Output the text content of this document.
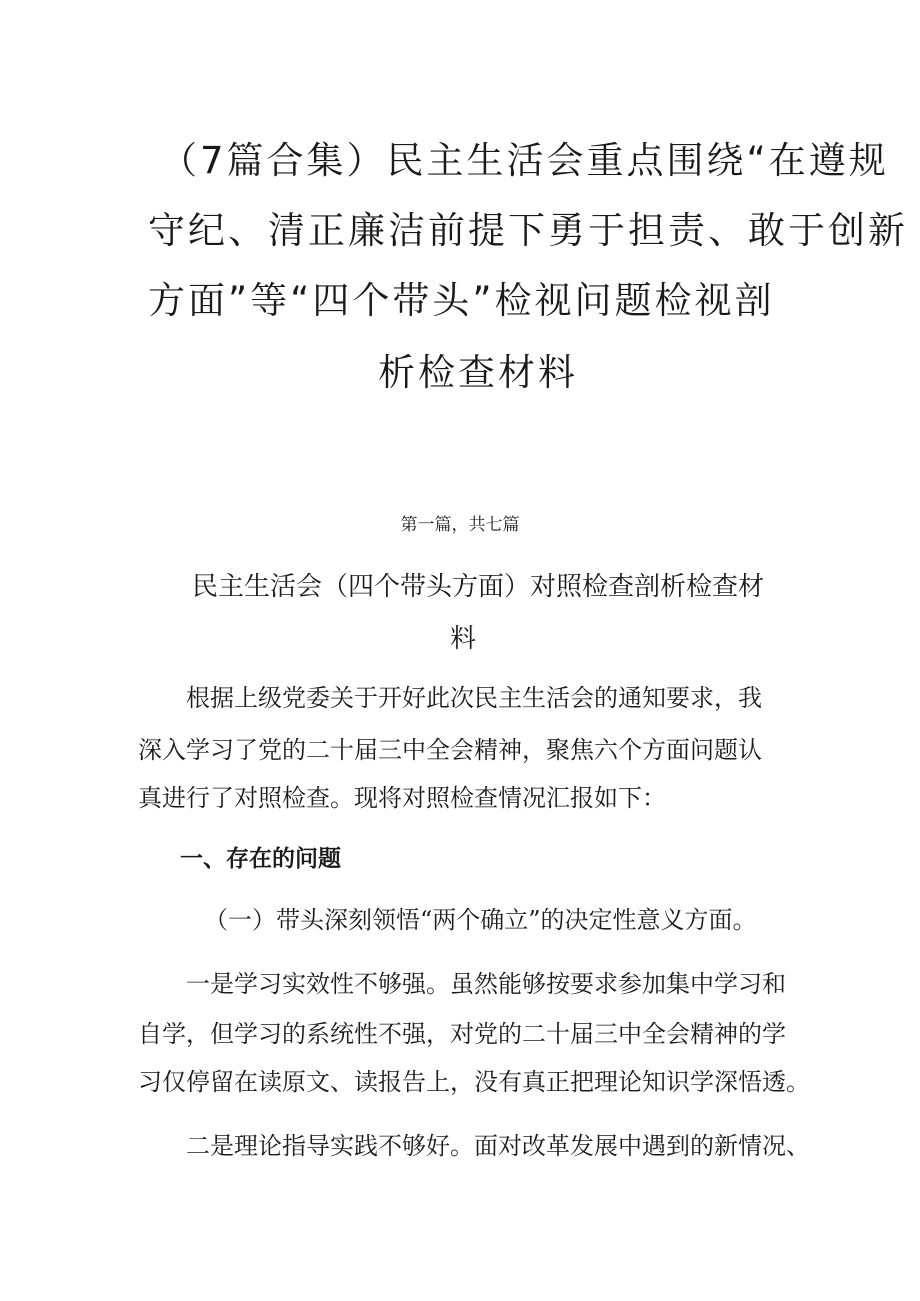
（7篇合集）民主生活会重点围绕“在遵规
守纪、清正廉洁前提下勇于担责、敢于创新
方面”等“四个带头”检视问题检视剖
析检查材料
第一篇，共七篇
民主生活会（四个带头方面）对照检查剖析检查材
料
根据上级党委关于开好此次民主生活会的通知要求，我
深入学习了党的二十届三中全会精神，聚焦六个方面问题认
真进行了对照检查。现将对照检查情况汇报如下：
一、存在的问题
（一）带头深刻领悟“两个确立”的决定性意义方面。
一是学习实效性不够强。虽然能够按要求参加集中学习和
自学，但学习的系统性不强，对党的二十届三中全会精神的学
习仅停留在读原文、读报告上，没有真正把理论知识学深悟透。
二是理论指导实践不够好。面对改革发展中遇到的新情况、
